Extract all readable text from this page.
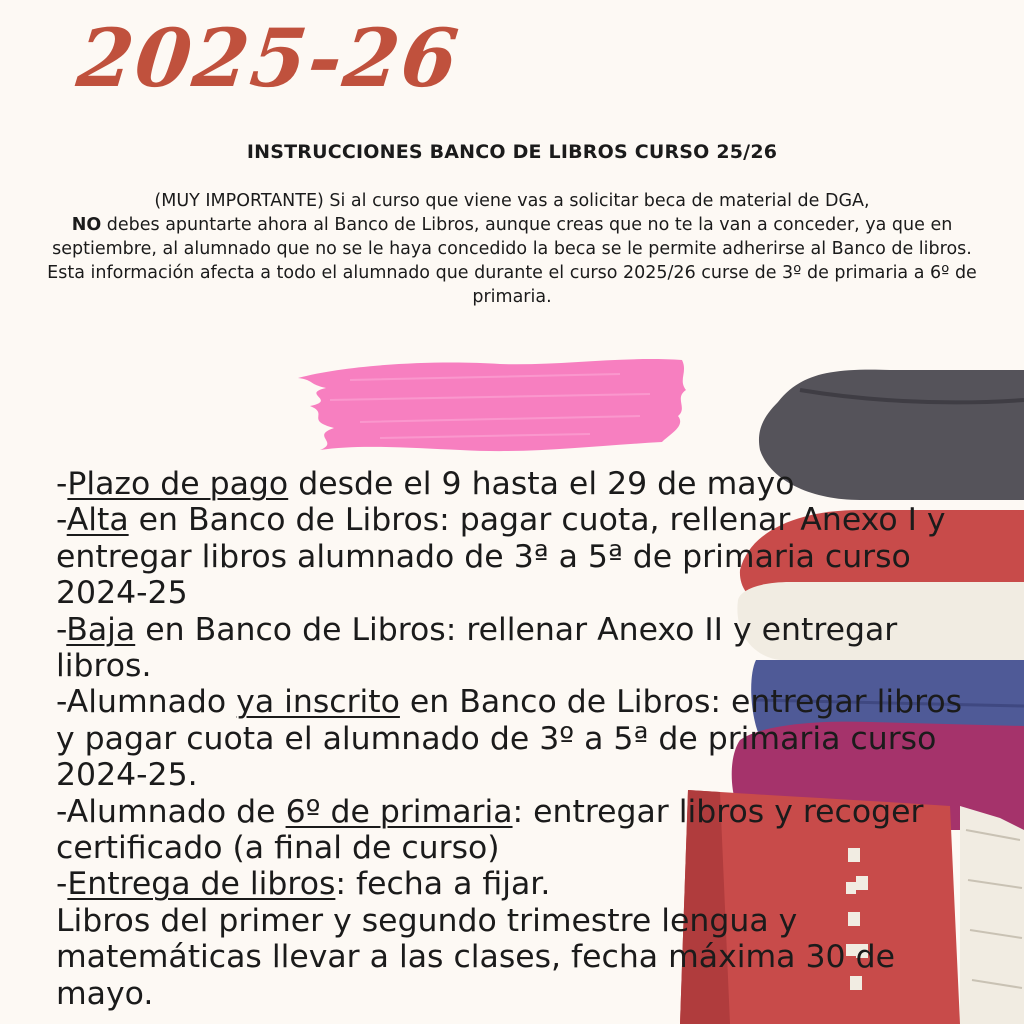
2025-26
INSTRUCCIONES BANCO DE LIBROS CURSO 25/26
(MUY IMPORTANTE) Si al curso que viene vas a solicitar beca de material de DGA,
NO debes apuntarte ahora al Banco de Libros, aunque creas que no te la van a conceder, ya que en septiembre, al alumnado que no se le haya concedido la beca se le permite adherirse al Banco de libros.
Esta información afecta a todo el alumnado que durante el curso 2025/26 curse de 3º de primaria a 6º de primaria.

-Plazo de pago desde el 9 hasta el 29 de mayo

-Alta en Banco de Libros: pagar cuota, rellenar Anexo I y entregar libros alumnado de 3ª a 5ª de primaria curso 2024-25

-Baja en Banco de Libros: rellenar Anexo II y entregar libros.

-Alumnado ya inscrito en Banco de Libros: entregar libros y pagar cuota el alumnado de 3º a 5ª de primaria curso 2024-25.

-Alumnado de 6º de primaria: entregar libros y recoger certificado (a final de curso)

-Entrega de libros: fecha a fijar.

Libros del primer y segundo trimestre lengua y matemáticas llevar a las clases, fecha máxima 30 de mayo.
